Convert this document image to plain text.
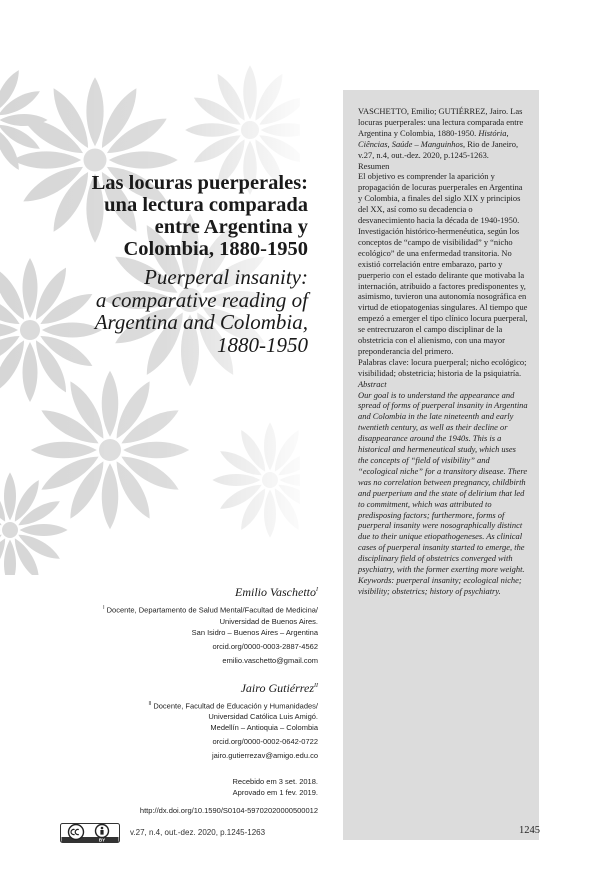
Las locuras puerperales:
una lectura comparada
entre Argentina y
Colombia, 1880-1950

Puerperal insanity:
a comparative reading of
Argentina and Colombia,
1880-1950

Emilio Vaschetto$^I$

$^I$ Docente, Departamento de Salud Mental/Facultad de Medicina/

Universidad de Buenos Aires.

San Isidro – Buenos Aires – Argentina

orcid.org/0000-0003-2887-4562

emilio.vaschetto@gmail.com

Jairo Gutiérrez$^{II}$

$^{II}$ Docente, Facultad de Educación y Humanidades/

Universidad Católica Luis Amigó.

Medellín – Antioquia – Colombia

orcid.org/0000-0002-0642-0722

jairo.gutierrezav@amigo.edu.co

Recebido em 3 set. 2018.

Aprovado em 1 fev. 2019.

http://dx.doi.org/10.1590/S0104-59702020000500012

VASCHETTO, Emilio; GUTIÉRREZ, Jairo. Las locuras puerperales: una lectura comparada entre Argentina y Colombia, 1880-1950. História, Ciências, Saúde – Manguinhos, Rio de Janeiro, v.27, n.4, out.-dez. 2020, p.1245-1263.

Resumen

El objetivo es comprender la aparición y propagación de locuras puerperales en Argentina y Colombia, a finales del siglo XIX y principios del XX, así como su decadencia o desvanecimiento hacia la década de 1940-1950. Investigación histórico-hermenéutica, según los conceptos de “campo de visibilidad” y “nicho ecológico” de una enfermedad transitoria. No existió correlación entre embarazo, parto y puerperio con el estado delirante que motivaba la internación, atribuido a factores predisponentes y, asimismo, tuvieron una autonomía nosográfica en virtud de etiopatogenias singulares. Al tiempo que empezó a emerger el tipo clínico locura puerperal, se entrecruzaron el campo disciplinar de la obstetricia con el alienismo, con una mayor preponderancia del primero.

Palabras clave: locura puerperal; nicho ecológico; visibilidad; obstetricia; historia de la psiquiatría.

Abstract

Our goal is to understand the appearance and spread of forms of puerperal insanity in Argentina and Colombia in the late nineteenth and early twentieth century, as well as their decline or disappearance around the 1940s. This is a historical and hermeneutical study, which uses the concepts of “field of visibility” and “ecological niche” for a transitory disease. There was no correlation between pregnancy, childbirth and puerperium and the state of delirium that led to commitment, which was attributed to predisposing factors; furthermore, forms of puerperal insanity were nosographically distinct due to their unique etiopathogeneses. As clinical cases of puerperal insanity started to emerge, the disciplinary field of obstetrics converged with psychiatry, with the former exerting more weight.

Keywords: puerperal insanity; ecological niche; visibility; obstetrics; history of psychiatry.

BY
v.27, n.4, out.-dez. 2020, p.1245-1263	1245
